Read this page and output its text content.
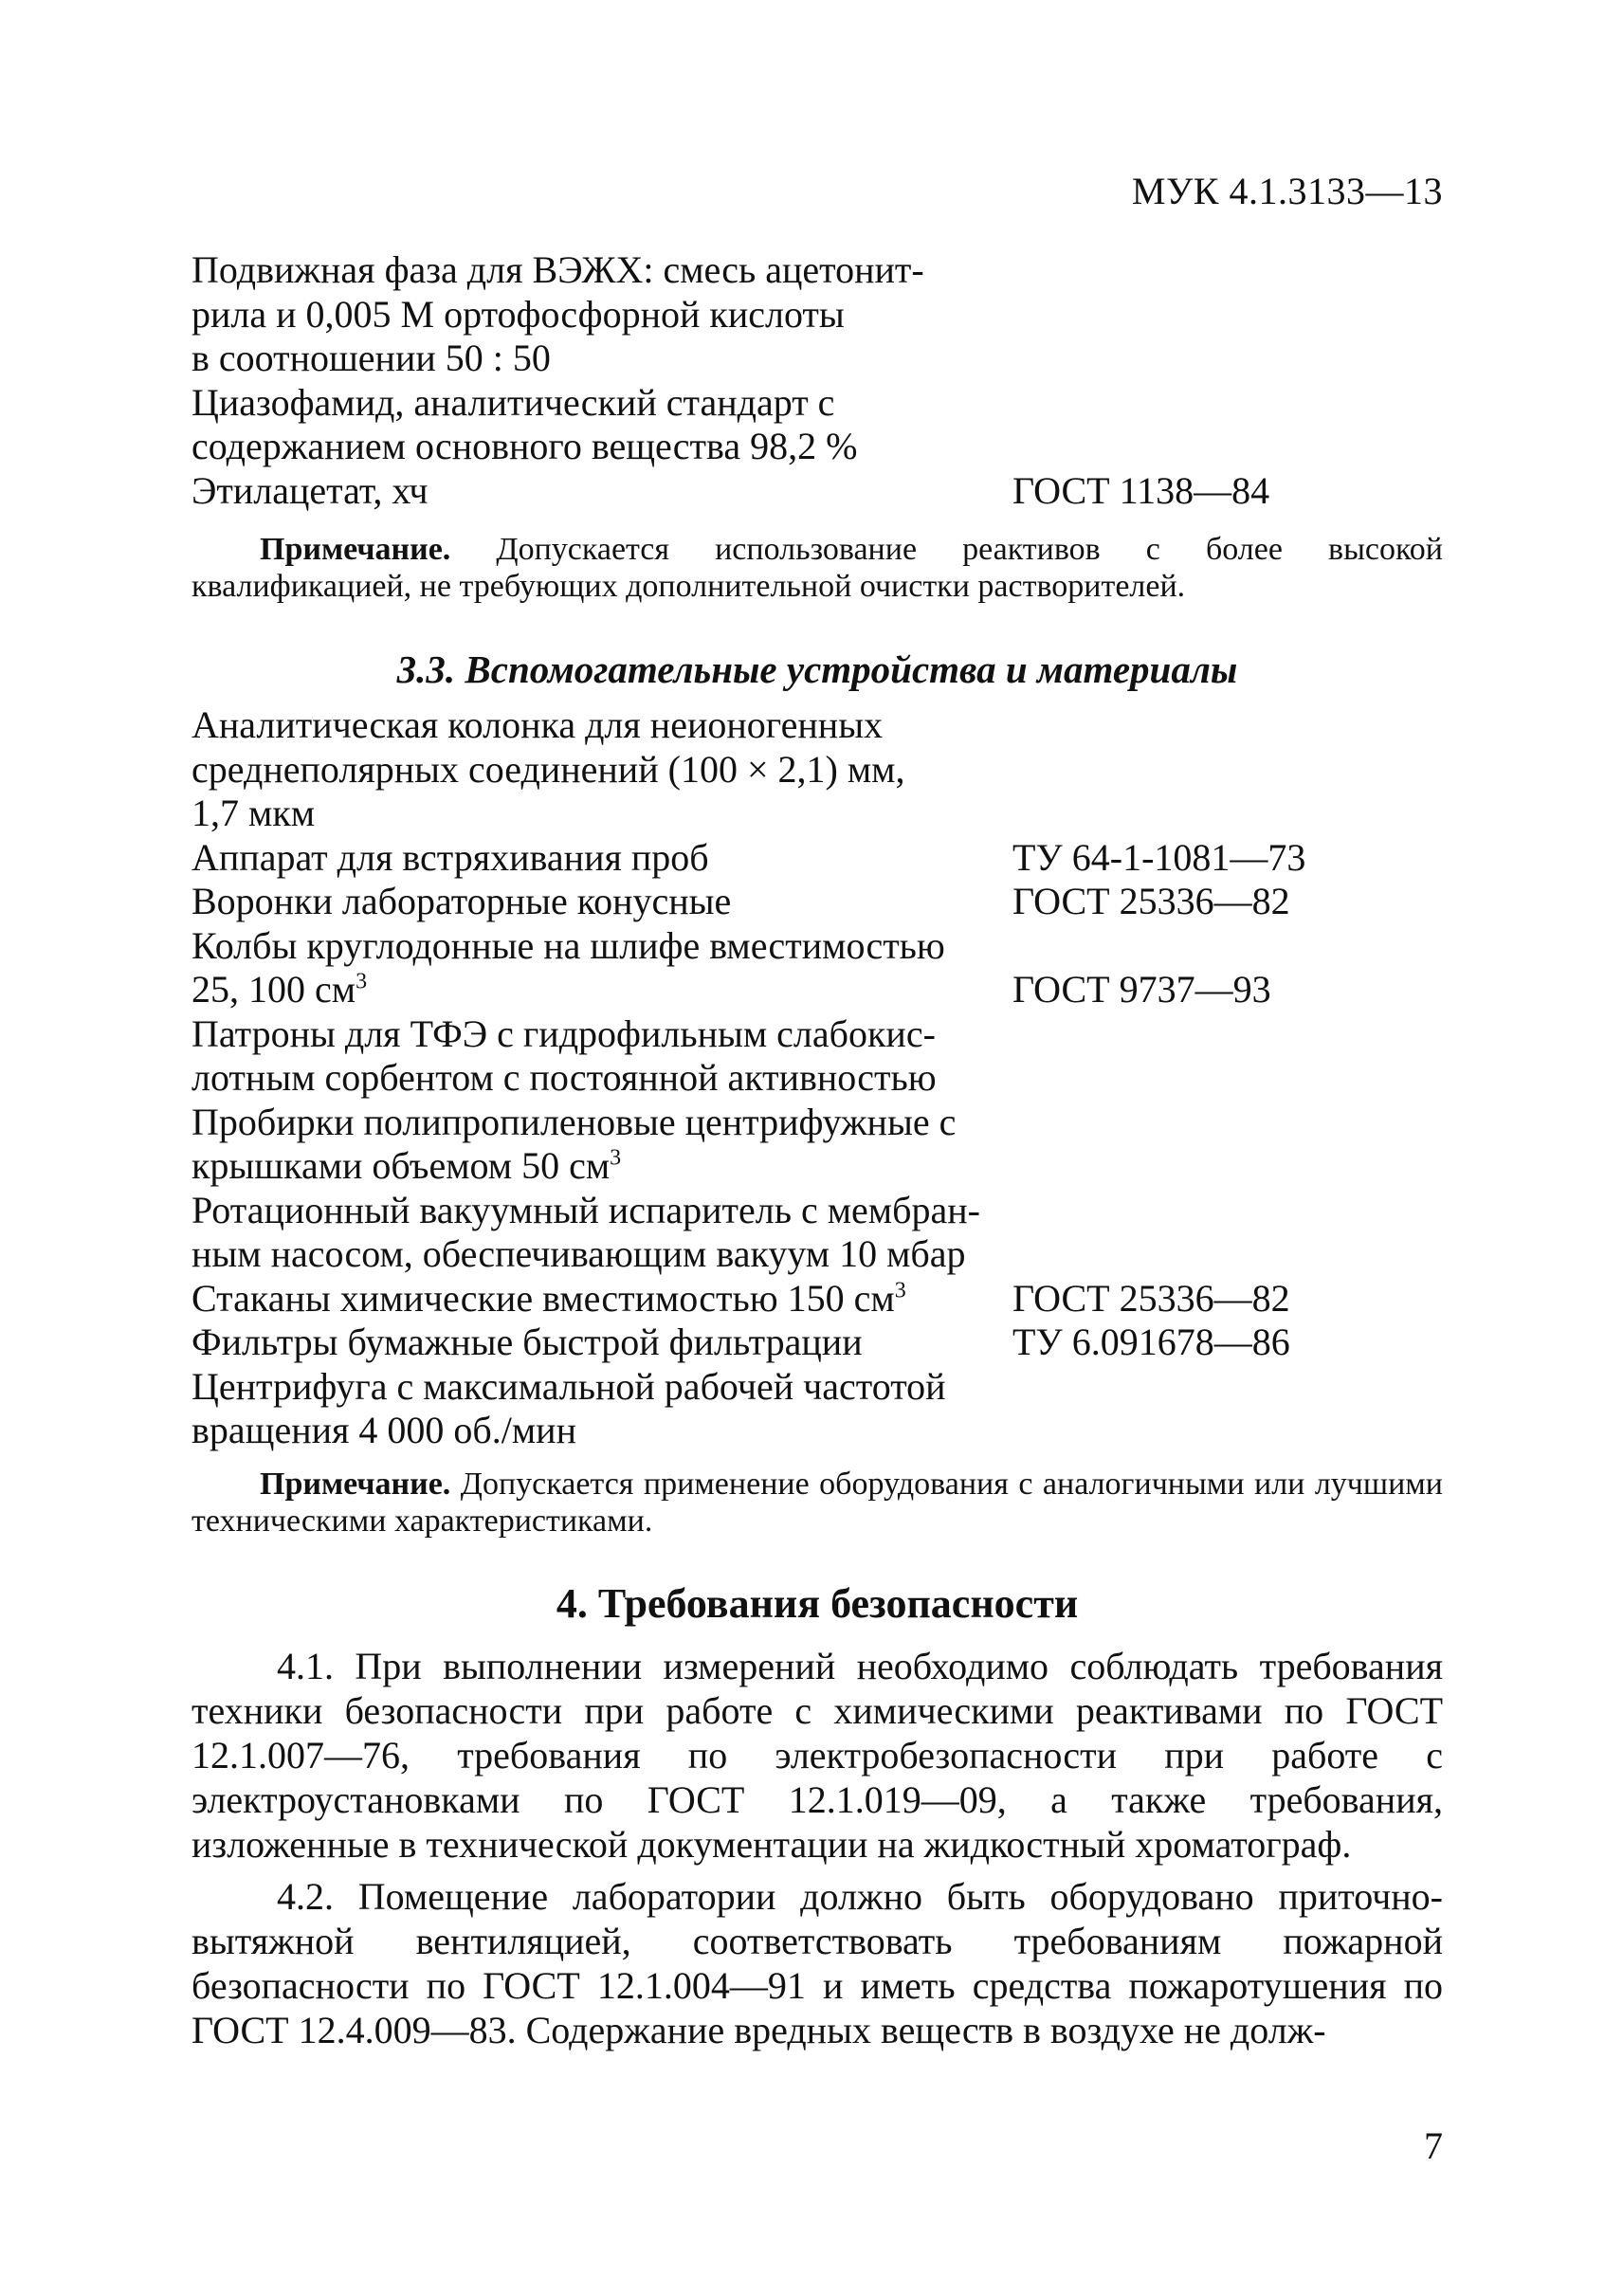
МУК 4.1.3133—13
Подвижная фаза для ВЭЖХ: смесь ацетонит-
рила и 0,005 М ортофосфорной кислоты
в соотношении 50 : 50
Циазофамид, аналитический стандарт с
содержанием основного вещества 98,2 %
Этилацетат, хч	ГОСТ 1138—84

Примечание. Допускается использование реактивов с более высокой квалификацией, не требующих дополнительной очистки растворителей.

3.3. Вспомогательные устройства и материалы

Аналитическая колонка для неионогенных
среднеполярных соединений (100 × 2,1) мм,
1,7 мкм
Аппарат для встряхивания проб	ТУ 64-1-1081—73
Воронки лабораторные конусные	ГОСТ 25336—82
Колбы круглодонные на шлифе вместимостью
25, 100 $см^3$	ГОСТ 9737—93
Патроны для ТФЭ с гидрофильным слабокис-
лотным сорбентом с постоянной активностью
Пробирки полипропиленовые центрифужные с
крышками объемом 50 $см^3$
Ротационный вакуумный испаритель с мембран-
ным насосом, обеспечивающим вакуум 10 мбар
Стаканы химические вместимостью 150 $см^3$	ГОСТ 25336—82
Фильтры бумажные быстрой фильтрации	ТУ 6.091678—86
Центрифуга с максимальной рабочей частотой
вращения 4 000 об./мин

Примечание. Допускается применение оборудования с аналогичными или лучшими техническими характеристиками.

4. Требования безопасности

4.1. При выполнении измерений необходимо соблюдать требования техники безопасности при работе с химическими реактивами по ГОСТ 12.1.007—76, требования по электробезопасности при работе с электроустановками по ГОСТ 12.1.019—09, а также требования, изложенные в технической документации на жидкостный хроматограф.

4.2. Помещение лаборатории должно быть оборудовано приточно-вытяжной вентиляцией, соответствовать требованиям пожарной безопасности по ГОСТ 12.1.004—91 и иметь средства пожаротушения по ГОСТ 12.4.009—83. Содержание вредных веществ в воздухе не долж-

7
